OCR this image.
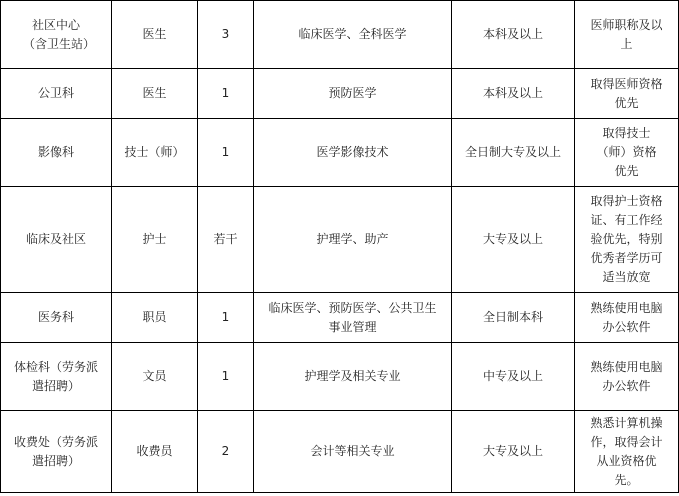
社区中心（含卫生站）	医生	3	临床医学、全科医学	本科及以上	医师职称及以上
公卫科	医生	1	预防医学	本科及以上	取得医师资格优先
影像科	技士（师）	1	医学影像技术	全日制大专及以上	取得技士（师）资格优先
临床及社区	护士	若干	护理学、助产	大专及以上	取得护士资格证、有工作经验优先，特别优秀者学历可适当放宽
医务科	职员	1	临床医学、预防医学、公共卫生事业管理	全日制本科	熟练使用电脑办公软件
体检科（劳务派遣招聘）	文员	1	护理学及相关专业	中专及以上	熟练使用电脑办公软件
收费处（劳务派遣招聘）	收费员	2	会计等相关专业	大专及以上	熟悉计算机操作，取得会计从业资格优先。
